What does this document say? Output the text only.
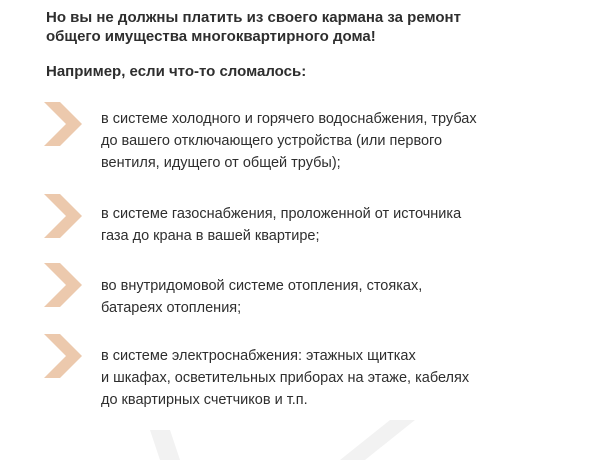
Но вы не должны платить из своего кармана за ремонт
общего имущества многоквартирного дома!
Например, если что-то сломалось:
в системе холодного и горячего водоснабжения, трубах
до вашего отключающего устройства (или первого
вентиля, идущего от общей трубы);
в системе газоснабжения, проложенной от источника
газа до крана в вашей квартире;
во внутридомовой системе отопления, стояках,
батареях отопления;
в системе электроснабжения: этажных щитках
и шкафах, осветительных приборах на этаже, кабелях
до квартирных счетчиков и т.п.
